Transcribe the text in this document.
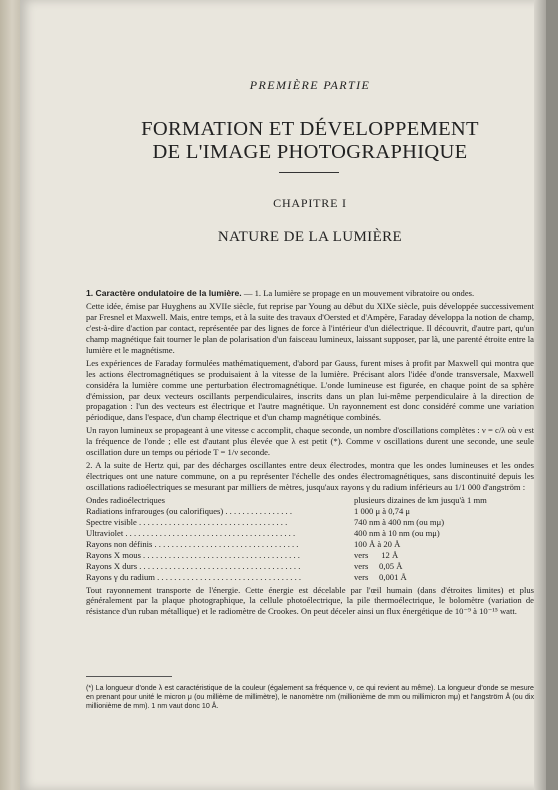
PREMIÈRE PARTIE
FORMATION ET DÉVELOPPEMENT
DE L'IMAGE PHOTOGRAPHIQUE
CHAPITRE I
NATURE DE LA LUMIÈRE

1. Caractère ondulatoire de la lumière. — 1. La lumière se propage en un mouvement vibratoire ou ondes.

Cette idée, émise par Huyghens au XVIIe siècle, fut reprise par Young au début du XIXe siècle, puis développée successivement par Fresnel et Maxwell. Mais, entre temps, et à la suite des travaux d'Oersted et d'Ampère, Faraday développa la notion de champ, c'est-à-dire d'action par contact, représentée par des lignes de force à l'intérieur d'un diélectrique. Il découvrit, d'autre part, qu'un champ magnétique fait tourner le plan de polarisation d'un faisceau lumineux, laissant supposer, par là, une parenté étroite entre la lumière et le magnétisme.

Les expériences de Faraday formulées mathématiquement, d'abord par Gauss, furent mises à profit par Maxwell qui montra que les actions électromagnétiques se produisaient à la vitesse de la lumière. Précisant alors l'idée d'onde transversale, Maxwell considéra la lumière comme une perturbation électromagnétique. L'onde lumineuse est figurée, en chaque point de sa sphère d'émission, par deux vecteurs oscillants perpendiculaires, inscrits dans un plan lui-même perpendiculaire à la direction de propagation : l'un des vecteurs est électrique et l'autre magnétique. Un rayonnement est donc considéré comme une variation périodique, dans l'espace, d'un champ électrique et d'un champ magnétique combinés.

Un rayon lumineux se propageant à une vitesse c accomplit, chaque seconde, un nombre d'oscillations complètes : ν = c/λ où ν est la fréquence de l'onde ; elle est d'autant plus élevée que λ est petit (*). Comme ν oscillations durent une seconde, une seule oscillation dure un temps ou période T = 1/ν seconde.

2. A la suite de Hertz qui, par des décharges oscillantes entre deux électrodes, montra que les ondes lumineuses et les ondes électriques ont une nature commune, on a pu représenter l'échelle des ondes électromagnétiques, sans discontinuité depuis les oscillations radioélectriques se mesurant par milliers de mètres, jusqu'aux rayons γ du radium inférieurs au 1/1 000 d'angström :

Ondes radioélectriques	plusieurs dizaines de km jusqu'à 1 mm
Radiations infrarouges (ou calorifiques) . . . . . . . . . . . . . . . .	1 000 μ à 0,74 μ
Spectre visible . . . . . . . . . . . . . . . . . . . . . . . . . . . . . . . . . . .	740 nm à 400 nm (ou mμ)
Ultraviolet . . . . . . . . . . . . . . . . . . . . . . . . . . . . . . . . . . . . . . . .	400 nm à 10 nm (ou mμ)
Rayons non définis . . . . . . . . . . . . . . . . . . . . . . . . . . . . . . . . . .	100 Å à 20 Å
Rayons X mous . . . . . . . . . . . . . . . . . . . . . . . . . . . . . . . . . . . . .	vers      12 Å
Rayons X durs . . . . . . . . . . . . . . . . . . . . . . . . . . . . . . . . . . . . . .	vers     0,05 Å
Rayons γ du radium . . . . . . . . . . . . . . . . . . . . . . . . . . . . . . . . . .	vers     0,001 Å

Tout rayonnement transporte de l'énergie. Cette énergie est décelable par l'œil humain (dans d'étroites limites) et plus généralement par la plaque photographique, la cellule photoélectrique, la pile thermoélectrique, le bolomètre (variation de résistance d'un ruban métallique) et le radiomètre de Crookes. On peut déceler ainsi un flux énergétique de 10⁻⁹ à 10⁻¹⁵ watt.

(*) La longueur d'onde λ est caractéristique de la couleur (également sa fréquence ν, ce qui revient au même). La longueur d'onde se mesure en prenant pour unité le micron μ (ou millième de millimètre), le nanomètre nm (millionième de mm ou millimicron mμ) et l'angström Å (ou dix millionième de mm). 1 nm vaut donc 10 Å.
